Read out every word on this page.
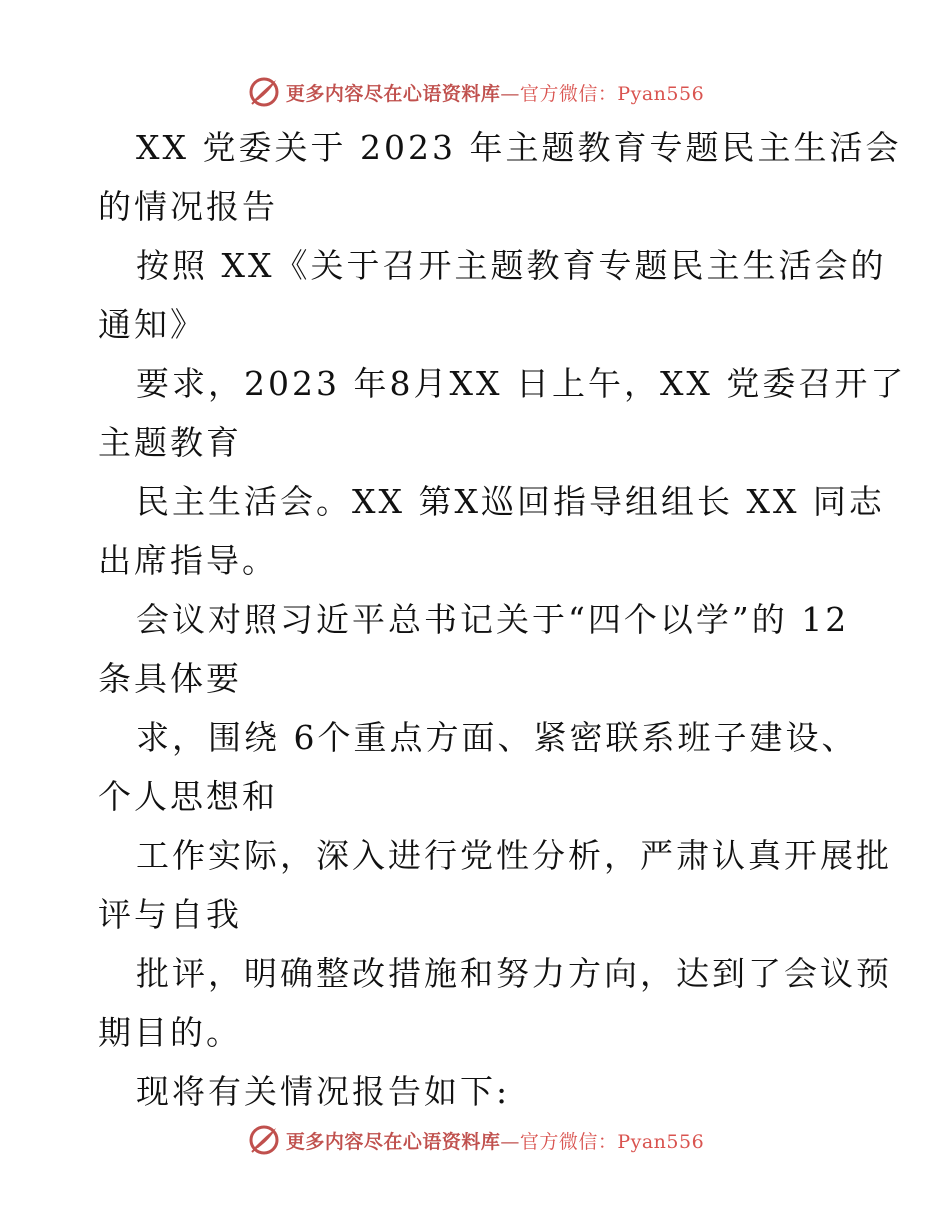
更多内容尽在心语资料库—官方微信：Pyan556
XX 党委关于 2023 年主题教育专题民主生活会
的情况报告
按照 XX《关于召开主题教育专题民主生活会的
通知》
要求，2023 年8月XX 日上午，XX 党委召开了
主题教育
民主生活会。XX 第X巡回指导组组长 XX 同志
出席指导。
会议对照习近平总书记关于“四个以学”的 12
条具体要
求，围绕 6个重点方面、紧密联系班子建设、
个人思想和
工作实际，深入进行党性分析，严肃认真开展批
评与自我
批评，明确整改措施和努力方向，达到了会议预
期目的。
现将有关情况报告如下:
更多内容尽在心语资料库—官方微信：Pyan556
